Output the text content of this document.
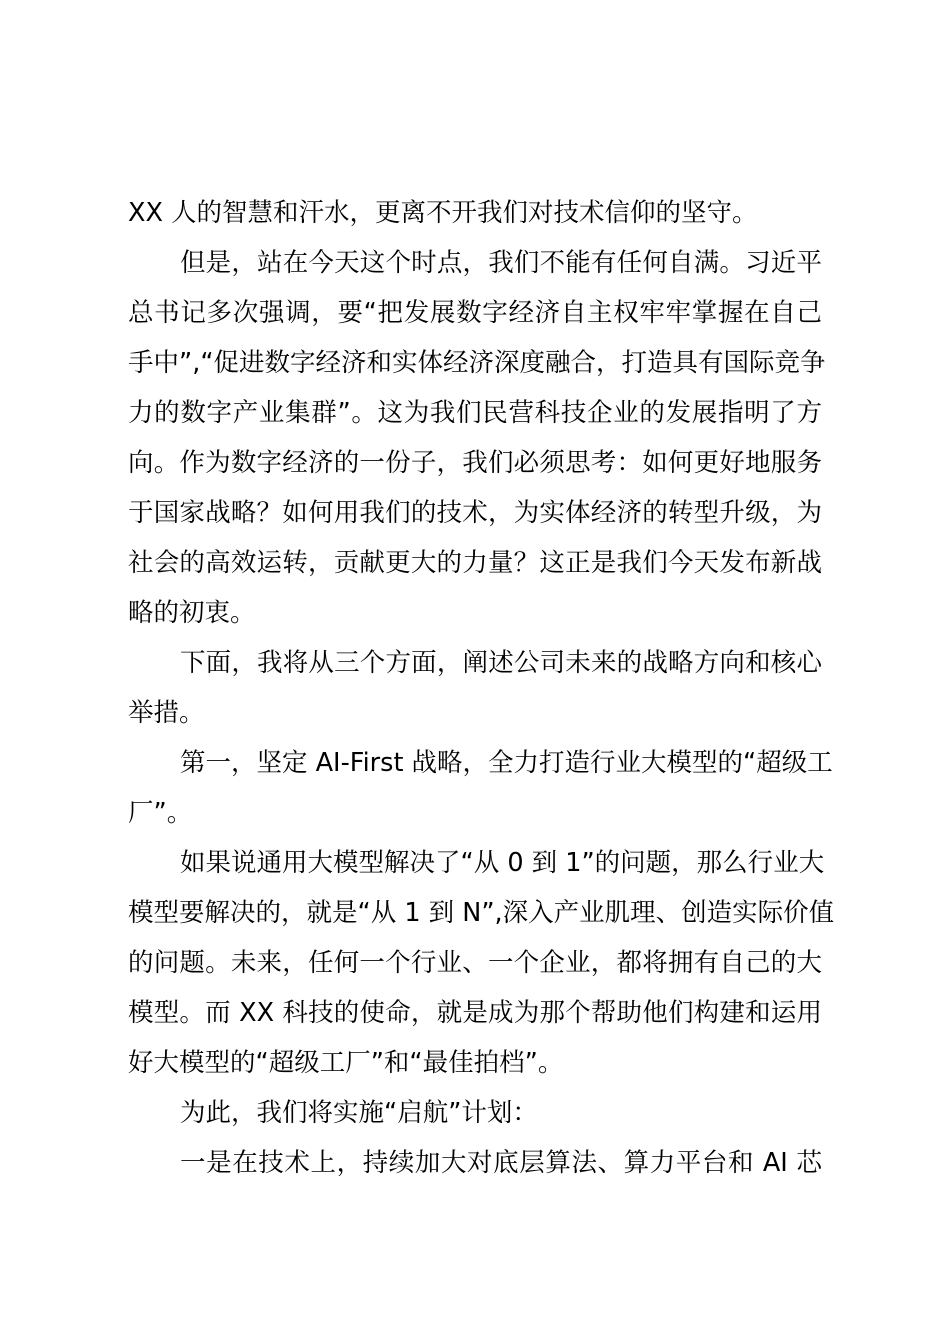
XX 人的智慧和汗水，更离不开我们对技术信仰的坚守。
但是，站在今天这个时点，我们不能有任何自满。习近平
总书记多次强调，要“把发展数字经济自主权牢牢掌握在自己
手中”,“促进数字经济和实体经济深度融合，打造具有国际竞争
力的数字产业集群”。这为我们民营科技企业的发展指明了方
向。作为数字经济的一份子，我们必须思考：如何更好地服务
于国家战略？如何用我们的技术，为实体经济的转型升级，为
社会的高效运转，贡献更大的力量？这正是我们今天发布新战
略的初衷。
下面，我将从三个方面，阐述公司未来的战略方向和核心
举措。
第一，坚定 AI-First 战略，全力打造行业大模型的“超级工
厂”。
如果说通用大模型解决了“从 0 到 1”的问题，那么行业大
模型要解决的，就是“从 1 到 N”,深入产业肌理、创造实际价值
的问题。未来，任何一个行业、一个企业，都将拥有自己的大
模型。而 XX 科技的使命，就是成为那个帮助他们构建和运用
好大模型的“超级工厂”和“最佳拍档”。
为此，我们将实施“启航”计划：
一是在技术上，持续加大对底层算法、算力平台和 AI 芯
